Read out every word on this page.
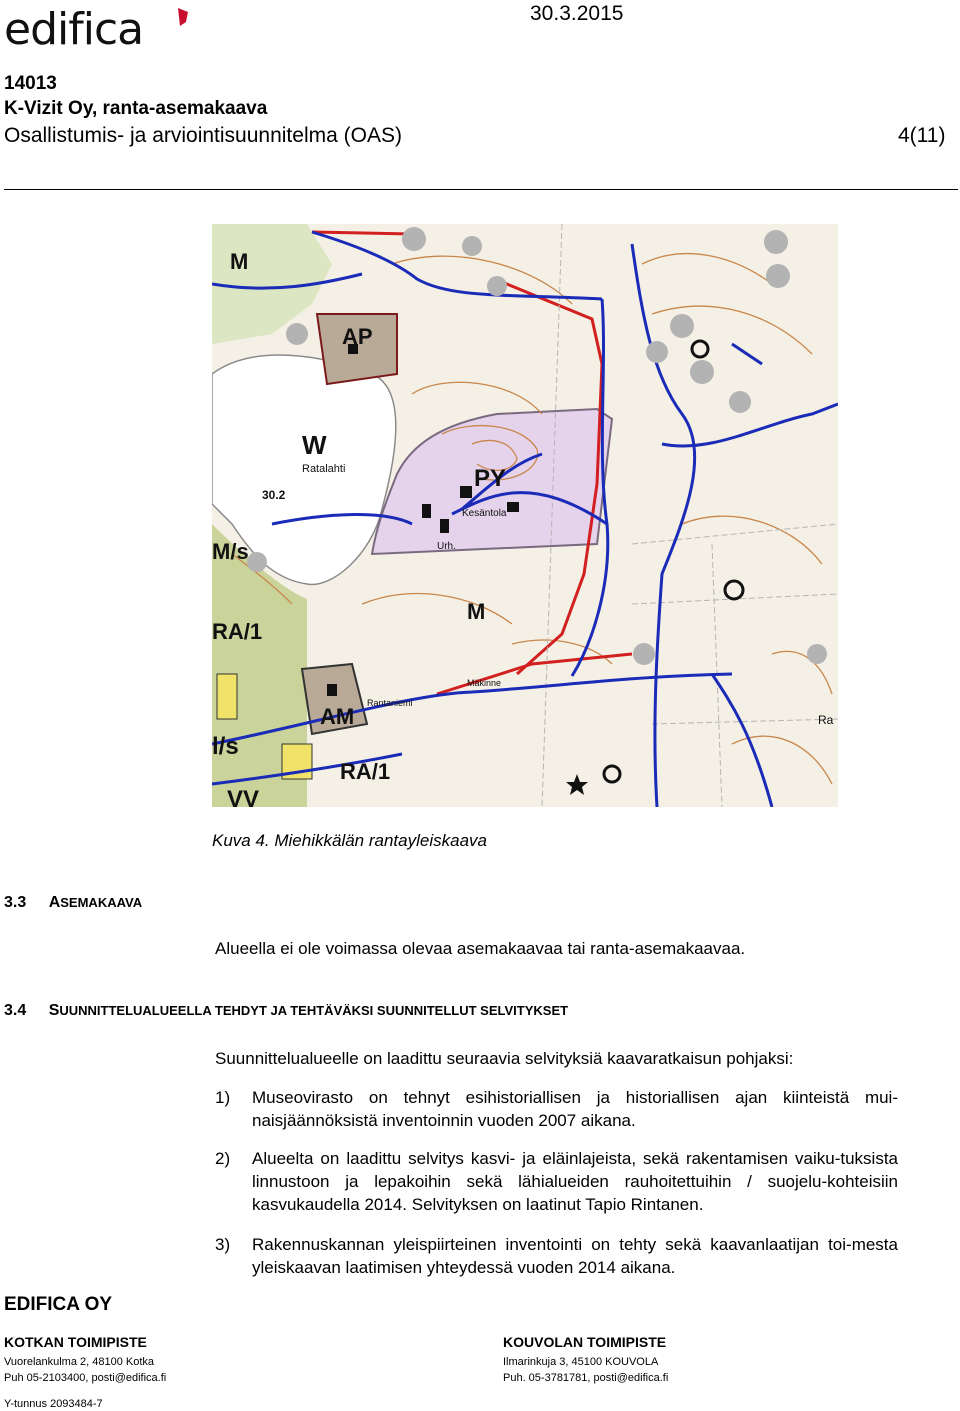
edifica	30.3.2015
14013
K-Vizit Oy, ranta-asemakaava
Osallistumis- ja arviointisuunnitelma (OAS)	4(11)
M
AP
W
Ratalahti
30.2
PY
Kesäntola
Urh.
M/s
M
RA/1
AM
l/s
RA/1
VV
Rantaniemi
Mäkinne
Ra
Kuva 4. Miehikkälän rantayleiskaava
3.3 ASEMAKAAVA
Alueella ei ole voimassa olevaa asemakaavaa tai ranta-asemakaavaa.
3.4 SUUNNITTELUALUEELLA TEHDYT JA TEHTÄVÄKSI SUUNNITELLUT SELVITYKSET
Suunnittelualueelle on laadittu seuraavia selvityksiä kaavaratkaisun pohjaksi:
1) Museovirasto on tehnyt esihistoriallisen ja historiallisen ajan kiinteistä mui-naisjäännöksistä inventoinnin vuoden 2007 aikana.
2) Alueelta on laadittu selvitys kasvi- ja eläinlajeista, sekä rakentamisen vaiku-tuksista linnustoon ja lepakoihin sekä lähialueiden rauhoitettuihin / suojelu-kohteisiin kasvukaudella 2014. Selvityksen on laatinut Tapio Rintanen.
3) Rakennuskannan yleispiirteinen inventointi on tehty sekä kaavanlaatijan toi-mesta yleiskaavan laatimisen yhteydessä vuoden 2014 aikana.
EDIFICA OY
KOTKAN TOIMIPISTE
Vuorelankulma 2, 48100 Kotka
Puh 05-2103400, posti@edifica.fi
KOUVOLAN TOIMIPISTE
Ilmarinkuja 3, 45100 KOUVOLA
Puh. 05-3781781, posti@edifica.fi
Y-tunnus 2093484-7
